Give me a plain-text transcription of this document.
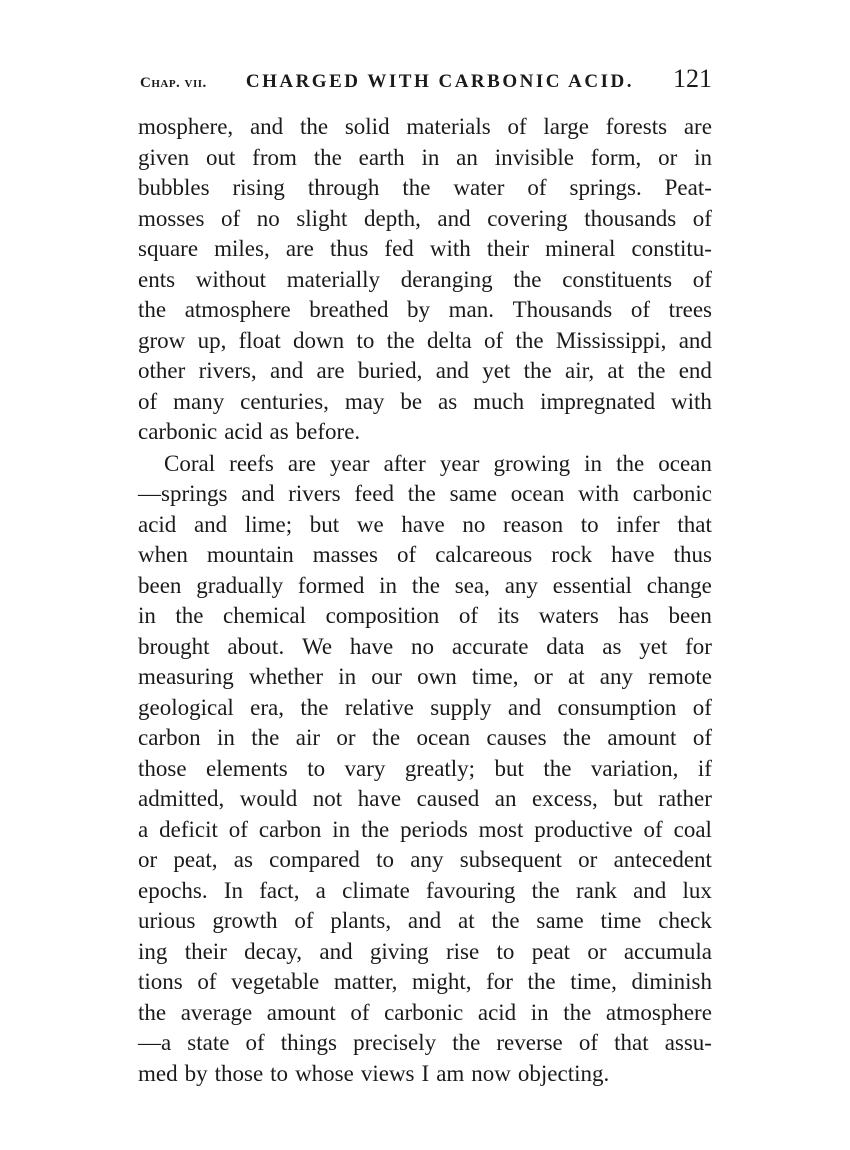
Chap. vii. CHARGED WITH CARBONIC ACID. 121
mosphere, and the solid materials of large forests are
given out from the earth in an invisible form, or in
bubbles rising through the water of springs. Peat-
mosses of no slight depth, and covering thousands of
square miles, are thus fed with their mineral constitu-
ents without materially deranging the constituents of
the atmosphere breathed by man. Thousands of trees
grow up, float down to the delta of the Mississippi, and
other rivers, and are buried, and yet the air, at the end
of many centuries, may be as much impregnated with
carbonic acid as before.
Coral reefs are year after year growing in the ocean
—springs and rivers feed the same ocean with carbonic
acid and lime; but we have no reason to infer that
when mountain masses of calcareous rock have thus
been gradually formed in the sea, any essential change
in the chemical composition of its waters has been
brought about. We have no accurate data as yet for
measuring whether in our own time, or at any remote
geological era, the relative supply and consumption of
carbon in the air or the ocean causes the amount of
those elements to vary greatly; but the variation, if
admitted, would not have caused an excess, but rather
a deficit of carbon in the periods most productive of coal
or peat, as compared to any subsequent or antecedent
epochs. In fact, a climate favouring the rank and lux
urious growth of plants, and at the same time check
ing their decay, and giving rise to peat or accumula
tions of vegetable matter, might, for the time, diminish
the average amount of carbonic acid in the atmosphere
—a state of things precisely the reverse of that assu-
med by those to whose views I am now objecting.
